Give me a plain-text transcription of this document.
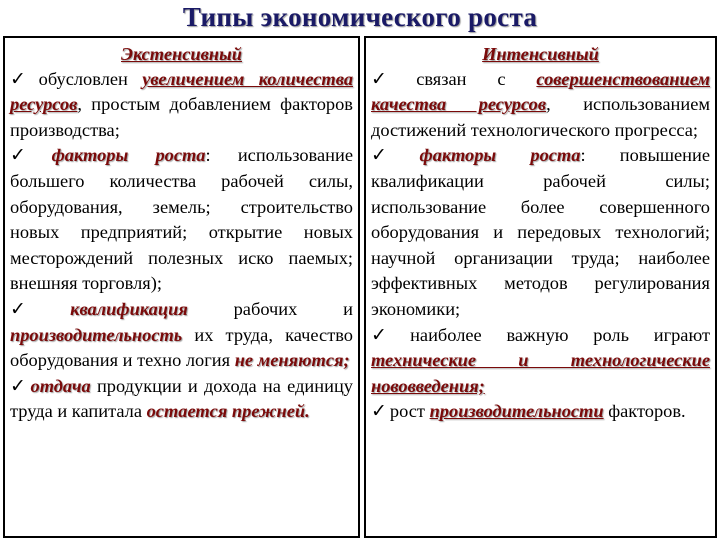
Типы экономического роста
Экстенсивный

✓ обусловлен увеличением количества ресурсов, простым добавлением факторов производства;

✓ факторы роста: использование большего количества рабочей силы, оборудования, земель; строительство новых предприятий; открытие новых месторождений полезных иско паемых; внешняя торговля);

✓ квалификация рабочих и производительность их труда, качество оборудования и техно логия не меняются;

✓ отдача продукции и дохода на единицу труда и капитала остается прежней.

Интенсивный

✓ связан с совершенствованием качества ресурсов, использованием достижений технологического прогресса;

✓ факторы роста: повышение квалификации рабочей силы; использование более совершенного оборудования и передовых технологий; научной организации труда; наиболее эффективных методов регулирования экономики;

✓ наиболее важную роль играют технические и технологические нововведения;

✓ рост производительности факторов.
